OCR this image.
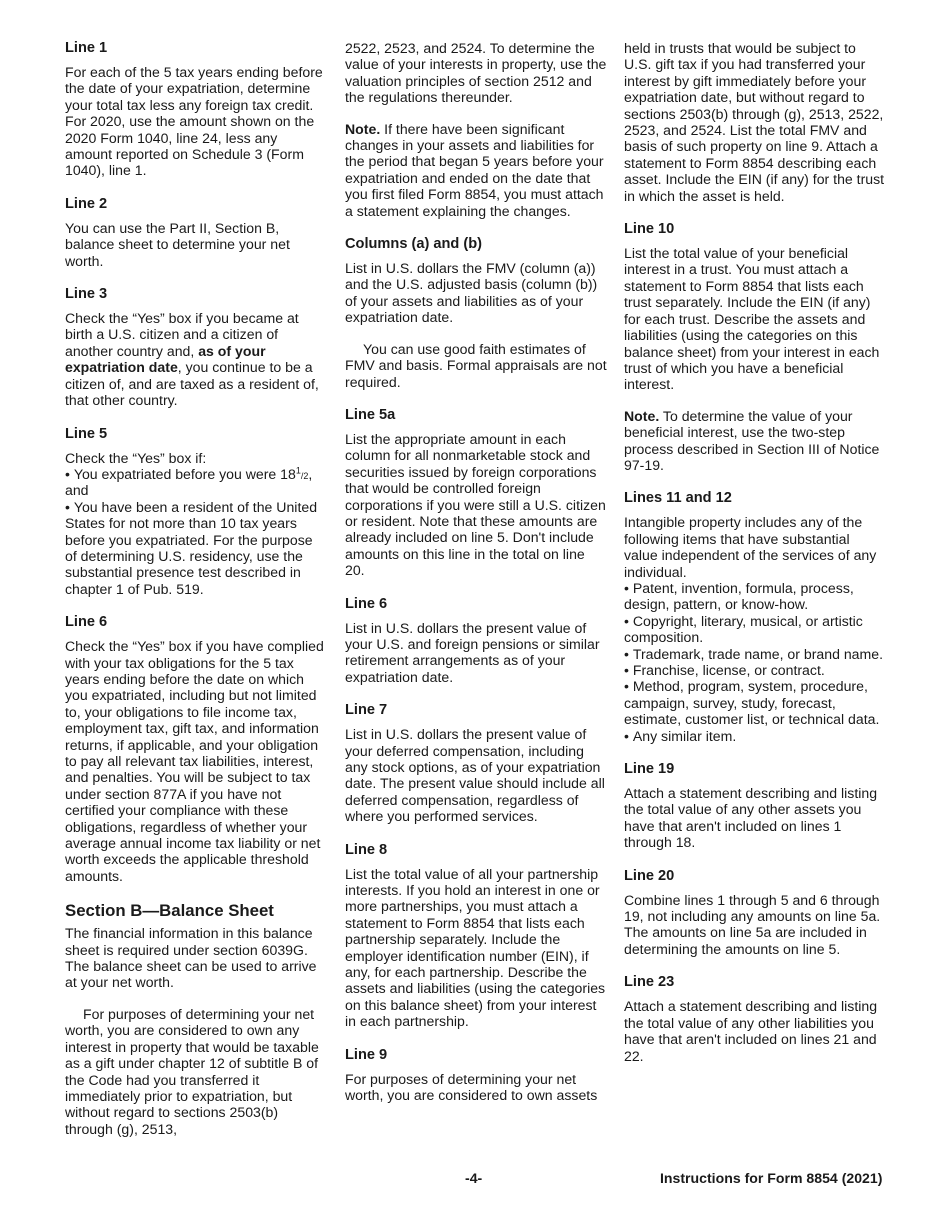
Line 1

For each of the 5 tax years ending before the date of your expatriation, determine your total tax less any foreign tax credit. For 2020, use the amount shown on the 2020 Form 1040, line 24, less any amount reported on Schedule 3 (Form 1040), line 1.

Line 2

You can use the Part II, Section B, balance sheet to determine your net worth.

Line 3

Check the “Yes” box if you became at birth a U.S. citizen and a citizen of another country and, as of your expatriation date, you continue to be a citizen of, and are taxed as a resident of, that other country.

Line 5
Check the “Yes” box if:
• You expatriated before you were $18^1/2$, and
• You have been a resident of the United States for not more than 10 tax years before you expatriated. For the purpose of determining U.S. residency, use the substantial presence test described in chapter 1 of Pub. 519.
Line 6

Check the “Yes” box if you have complied with your tax obligations for the 5 tax years ending before the date on which you expatriated, including but not limited to, your obligations to file income tax, employment tax, gift tax, and information returns, if applicable, and your obligation to pay all relevant tax liabilities, interest, and penalties. You will be subject to tax under section 877A if you have not certified your compliance with these obligations, regardless of whether your average annual income tax liability or net worth exceeds the applicable threshold amounts.

Section B—Balance Sheet

The financial information in this balance sheet is required under section 6039G. The balance sheet can be used to arrive at your net worth.

For purposes of determining your net worth, you are considered to own any interest in property that would be taxable as a gift under chapter 12 of subtitle B of the Code had you transferred it immediately prior to expatriation, but without regard to sections 2503(b) through (g), 2513,

2522, 2523, and 2524. To determine the value of your interests in property, use the valuation principles of section 2512 and the regulations thereunder.

Note. If there have been significant changes in your assets and liabilities for the period that began 5 years before your expatriation and ended on the date that you first filed Form 8854, you must attach a statement explaining the changes.

Columns (a) and (b)

List in U.S. dollars the FMV (column (a)) and the U.S. adjusted basis (column (b)) of your assets and liabilities as of your expatriation date.

You can use good faith estimates of FMV and basis. Formal appraisals are not required.

Line 5a

List the appropriate amount in each column for all nonmarketable stock and securities issued by foreign corporations that would be controlled foreign corporations if you were still a U.S. citizen or resident. Note that these amounts are already included on line 5. Don't include amounts on this line in the total on line 20.

Line 6

List in U.S. dollars the present value of your U.S. and foreign pensions or similar retirement arrangements as of your expatriation date.

Line 7

List in U.S. dollars the present value of your deferred compensation, including any stock options, as of your expatriation date. The present value should include all deferred compensation, regardless of where you performed services.

Line 8

List the total value of all your partnership interests. If you hold an interest in one or more partnerships, you must attach a statement to Form 8854 that lists each partnership separately. Include the employer identification number (EIN), if any, for each partnership. Describe the assets and liabilities (using the categories on this balance sheet) from your interest in each partnership.

Line 9

For purposes of determining your net worth, you are considered to own assets

held in trusts that would be subject to U.S. gift tax if you had transferred your interest by gift immediately before your expatriation date, but without regard to sections 2503(b) through (g), 2513, 2522, 2523, and 2524. List the total FMV and basis of such property on line 9. Attach a statement to Form 8854 describing each asset. Include the EIN (if any) for the trust in which the asset is held.

Line 10

List the total value of your beneficial interest in a trust. You must attach a statement to Form 8854 that lists each trust separately. Include the EIN (if any) for each trust. Describe the assets and liabilities (using the categories on this balance sheet) from your interest in each trust of which you have a beneficial interest.

Note. To determine the value of your beneficial interest, use the two-step process described in Section III of Notice 97-19.

Lines 11 and 12
Intangible property includes any of the following items that have substantial value independent of the services of any individual.
• Patent, invention, formula, process, design, pattern, or know-how.
• Copyright, literary, musical, or artistic composition.
• Trademark, trade name, or brand name.
• Franchise, license, or contract.
• Method, program, system, procedure, campaign, survey, study, forecast, estimate, customer list, or technical data.
• Any similar item.
Line 19

Attach a statement describing and listing the total value of any other assets you have that aren't included on lines 1 through 18.

Line 20

Combine lines 1 through 5 and 6 through 19, not including any amounts on line 5a. The amounts on line 5a are included in determining the amounts on line 5.

Line 23

Attach a statement describing and listing the total value of any other liabilities you have that aren't included on lines 21 and 22.

-4-	Instructions for Form 8854 (2021)
